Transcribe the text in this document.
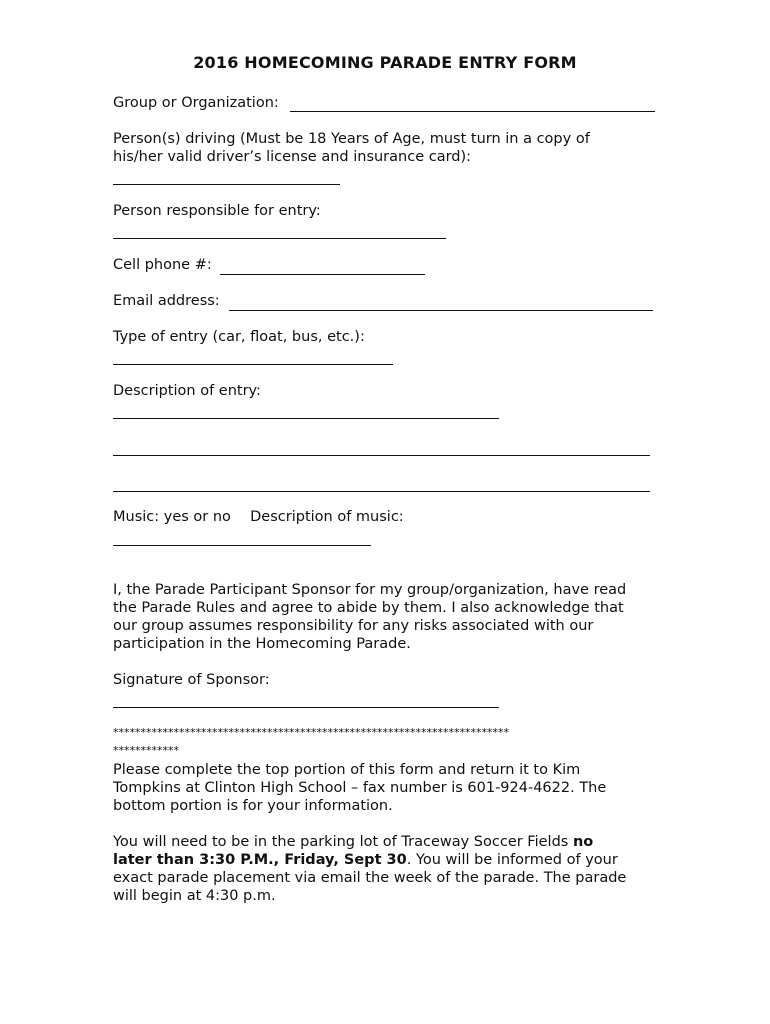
2016 HOMECOMING PARADE ENTRY FORM
Group or Organization:
Person(s) driving (Must be 18 Years of Age, must turn in a copy of
his/her valid driver’s license and insurance card):
Person responsible for entry:
Cell phone #:
Email address:
Type of entry (car, float, bus, etc.):
Description of entry:
Music: yes or no Description of music:
I, the Parade Participant Sponsor for my group/organization, have read
the Parade Rules and agree to abide by them. I also acknowledge that
our group assumes responsibility for any risks associated with our
participation in the Homecoming Parade.
Signature of Sponsor:
************************************************************************
************
Please complete the top portion of this form and return it to Kim
Tompkins at Clinton High School – fax number is 601-924-4622. The
bottom portion is for your information.
You will need to be in the parking lot of Traceway Soccer Fields no
later than 3:30 P.M., Friday, Sept 30. You will be informed of your
exact parade placement via email the week of the parade. The parade
will begin at 4:30 p.m.
